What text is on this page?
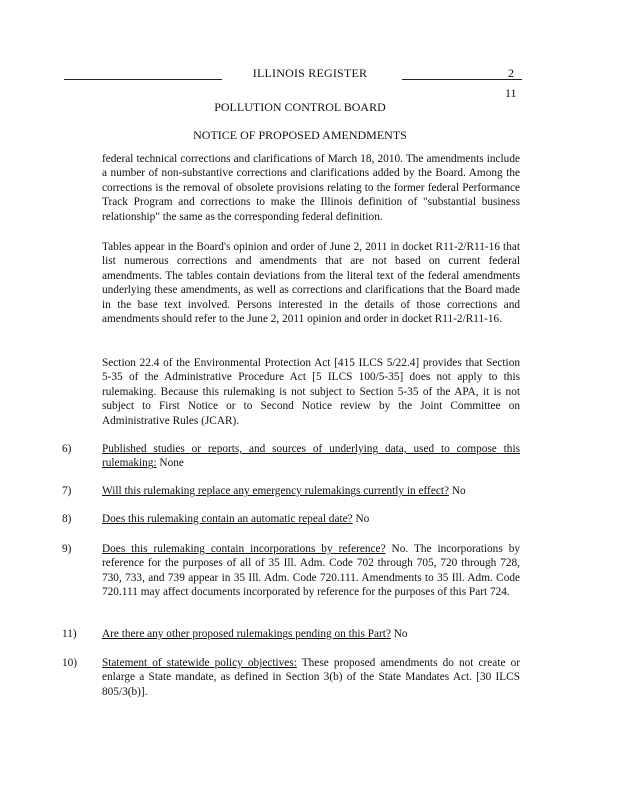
ILLINOIS REGISTER	2
11
POLLUTION CONTROL BOARD
NOTICE OF PROPOSED AMENDMENTS
federal technical corrections and clarifications of March 18, 2010. The amendments include a number of non-substantive corrections and clarifications added by the Board. Among the corrections is the removal of obsolete provisions relating to the former federal Performance Track Program and corrections to make the Illinois definition of "substantial business relationship" the same as the corresponding federal definition.
Tables appear in the Board's opinion and order of June 2, 2011 in docket R11-2/R11-16 that list numerous corrections and amendments that are not based on current federal amendments. The tables contain deviations from the literal text of the federal amendments underlying these amendments, as well as corrections and clarifications that the Board made in the base text involved. Persons interested in the details of those corrections and amendments should refer to the June 2, 2011 opinion and order in docket R11-2/R11-16.
Section 22.4 of the Environmental Protection Act [415 ILCS 5/22.4] provides that Section 5-35 of the Administrative Procedure Act [5 ILCS 100/5-35] does not apply to this rulemaking. Because this rulemaking is not subject to Section 5-35 of the APA, it is not subject to First Notice or to Second Notice review by the Joint Committee on Administrative Rules (JCAR).
6)	Published studies or reports, and sources of underlying data, used to compose this rulemaking: None
7)	Will this rulemaking replace any emergency rulemakings currently in effect? No
8)	Does this rulemaking contain an automatic repeal date? No
9)	Does this rulemaking contain incorporations by reference? No. The incorporations by reference for the purposes of all of 35 Ill. Adm. Code 702 through 705, 720 through 728, 730, 733, and 739 appear in 35 Ill. Adm. Code 720.111. Amendments to 35 Ill. Adm. Code 720.111 may affect documents incorporated by reference for the purposes of this Part 724.
11)	Are there any other proposed rulemakings pending on this Part? No
10)	Statement of statewide policy objectives: These proposed amendments do not create or enlarge a State mandate, as defined in Section 3(b) of the State Mandates Act. [30 ILCS 805/3(b)].
